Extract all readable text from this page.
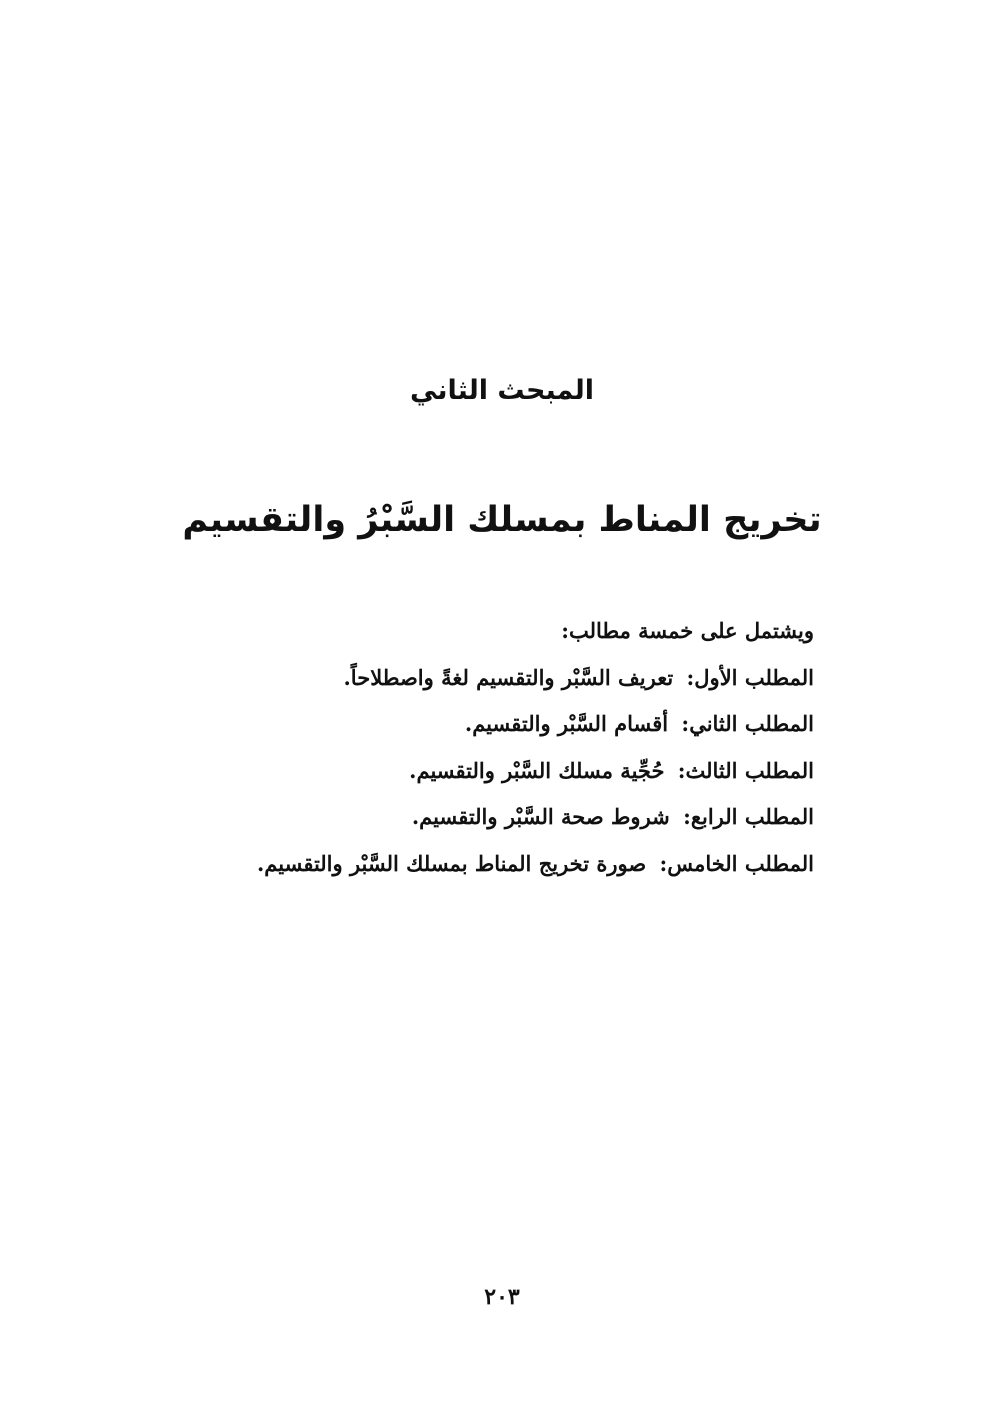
المبحث الثاني
تخريج المناط بمسلك السَّبْرُ والتقسيم
ويشتمل على خمسة مطالب:
المطلب الأول: تعريف السَّبْر والتقسيم لغةً واصطلاحاً.
المطلب الثاني: أقسام السَّبْر والتقسيم.
المطلب الثالث: حُجِّية مسلك السَّبْر والتقسيم.
المطلب الرابع: شروط صحة السَّبْر والتقسيم.
المطلب الخامس: صورة تخريج المناط بمسلك السَّبْر والتقسيم.
٢٠٣
